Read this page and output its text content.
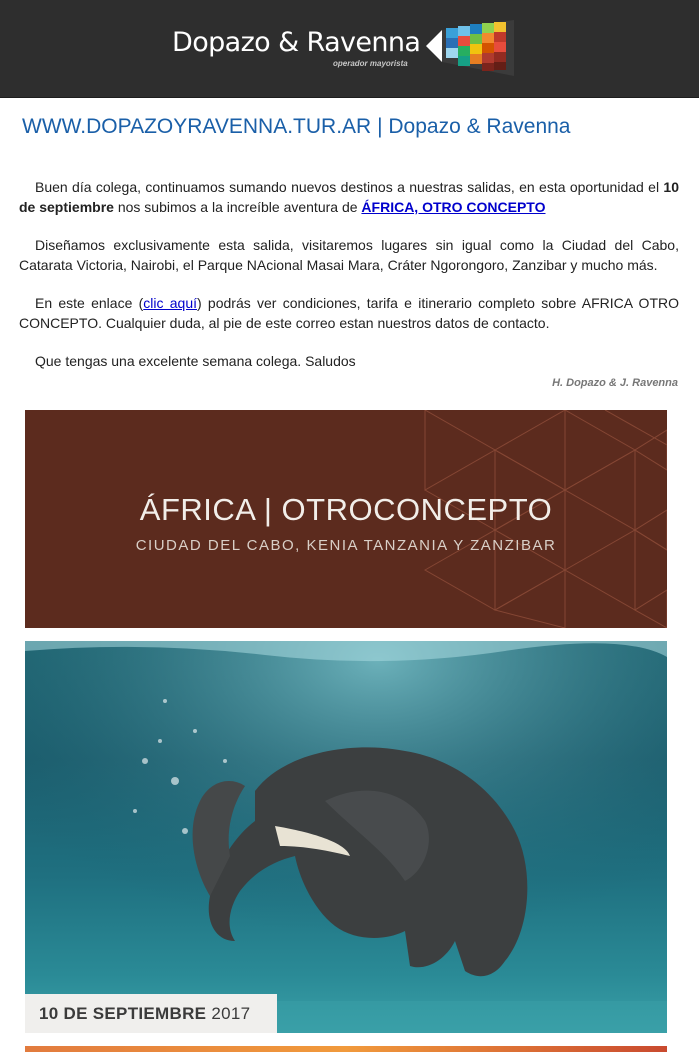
Dopazo & Ravenna
operador mayorista
WWW.DOPAZOYRAVENNA.TUR.AR | Dopazo & Ravenna

Buen día colega, continuamos sumando nuevos destinos a nuestras salidas, en esta oportunidad el 10 de septiembre nos subimos a la increíble aventura de ÁFRICA, OTRO CONCEPTO

Diseñamos exclusivamente esta salida, visitaremos lugares sin igual como la Ciudad del Cabo, Catarata Victoria, Nairobi, el Parque NAcional Masai Mara, Cráter Ngorongoro, Zanzibar y mucho más.

En este enlace (clic aquí) podrás ver condiciones, tarifa e itinerario completo sobre AFRICA OTRO CONCEPTO. Cualquier duda, al pie de este correo estan nuestros datos de contacto.

Que tengas una excelente semana colega. Saludos

H. Dopazo & J. Ravenna
ÁFRICA | OTROCONCEPTO
CIUDAD DEL CABO, KENIA TANZANIA Y ZANZIBAR
10 DE SEPTIEMBRE 2017
